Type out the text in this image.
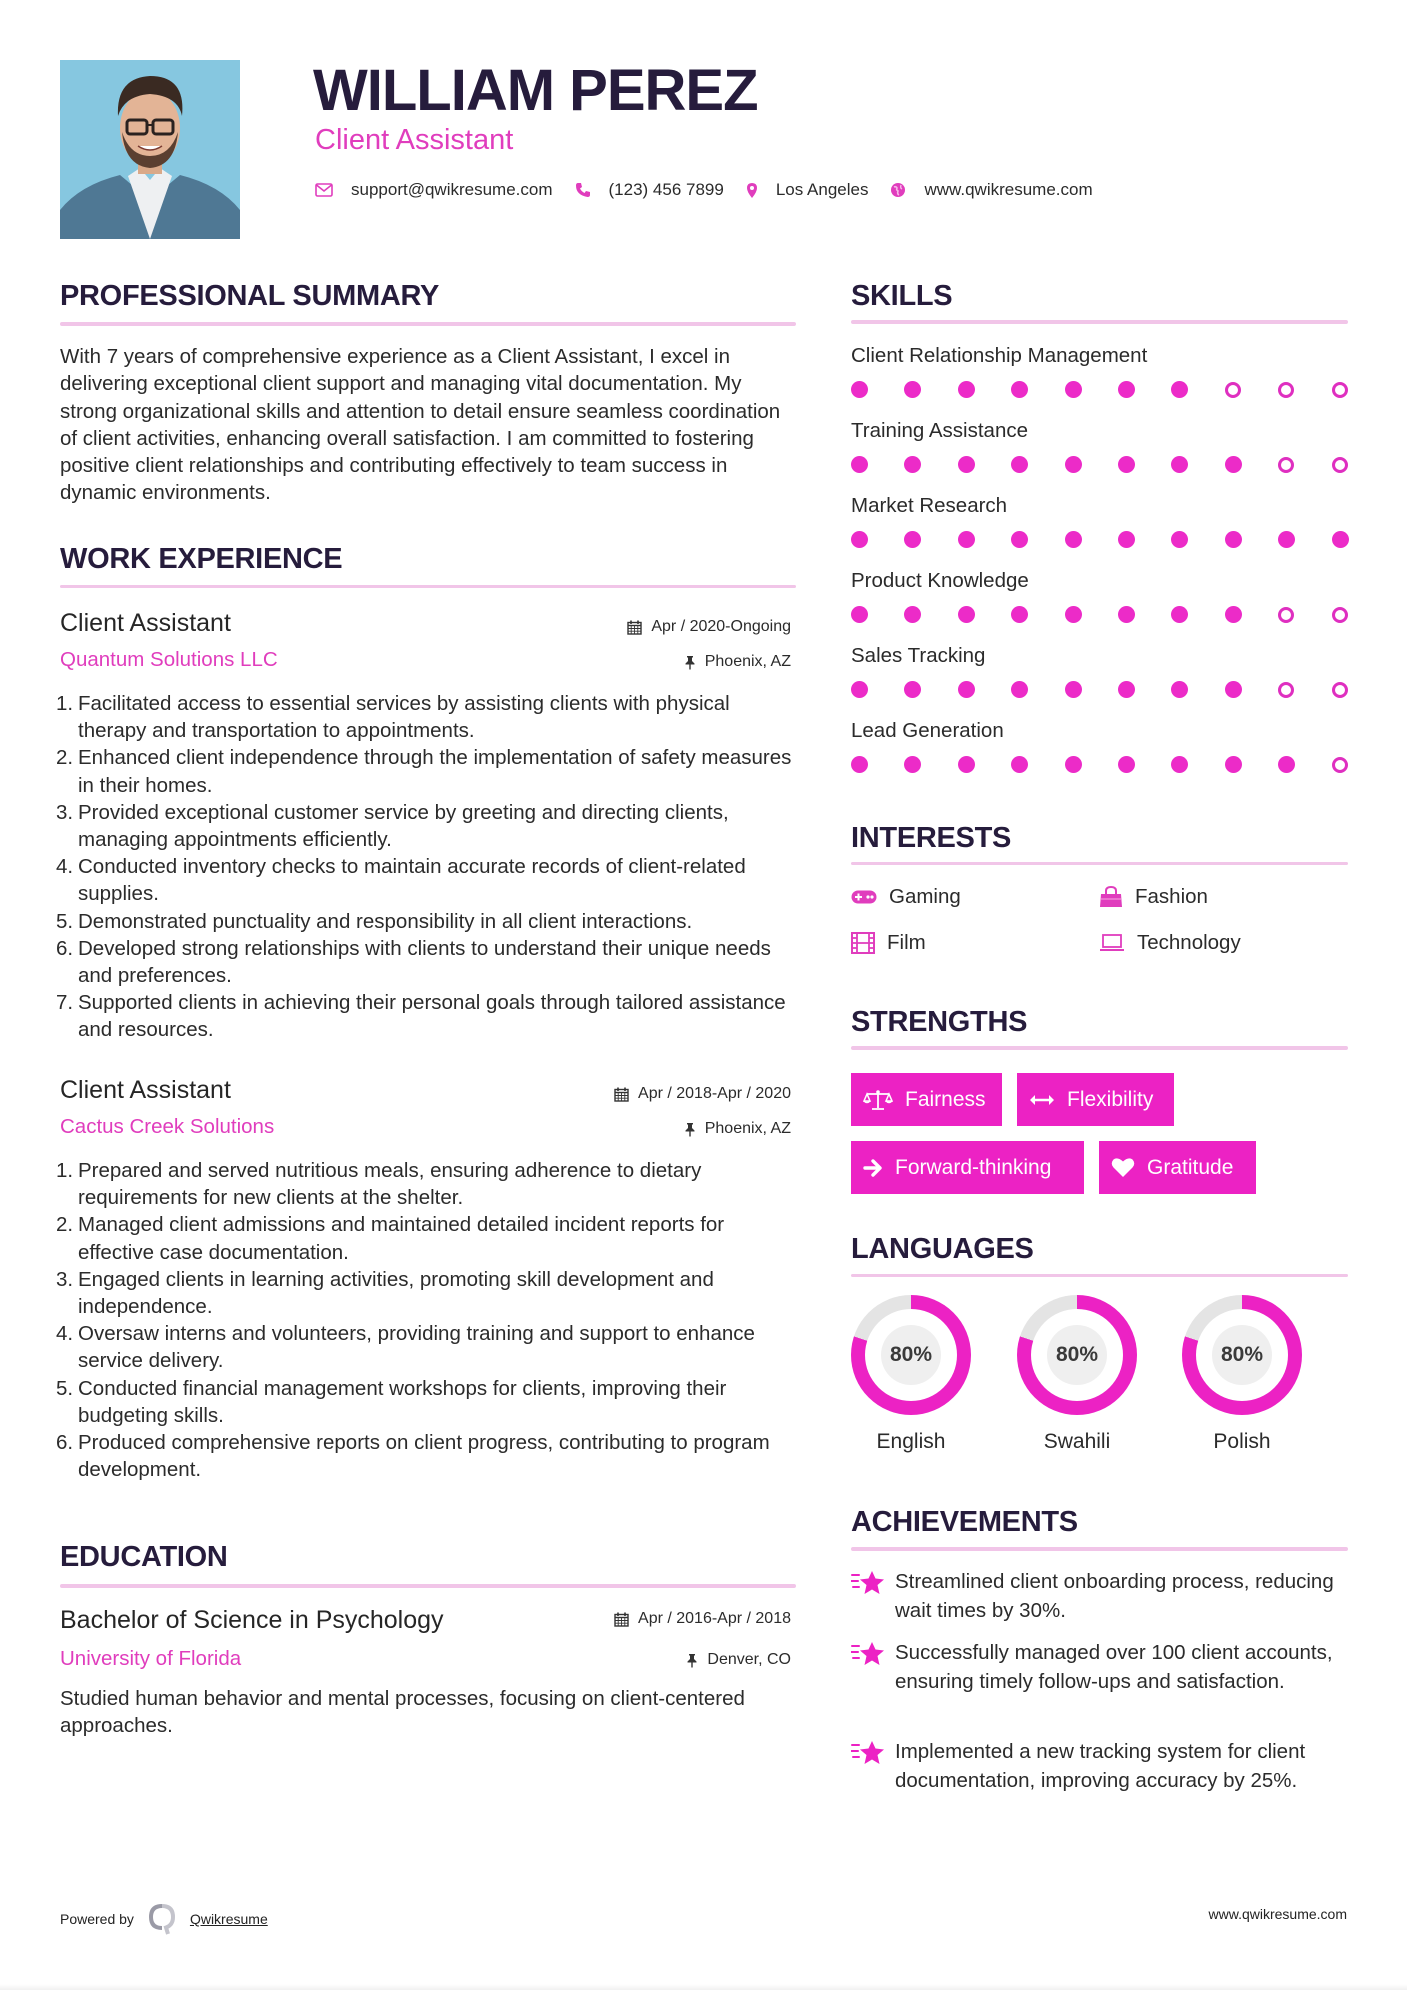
WILLIAM PEREZ
Client Assistant
support@qwikresume.com	(123) 456 7899	Los Angeles	www.qwikresume.com
PROFESSIONAL SUMMARY
With 7 years of comprehensive experience as a Client Assistant, I excel in delivering exceptional client support and managing vital documentation. My strong organizational skills and attention to detail ensure seamless coordination of client activities, enhancing overall satisfaction. I am committed to fostering positive client relationships and contributing effectively to team success in dynamic environments.
WORK EXPERIENCE
Client Assistant	Apr / 2020-Ongoing
Quantum Solutions LLC	Phoenix, AZ
1. Facilitated access to essential services by assisting clients with physical therapy and transportation to appointments.
2. Enhanced client independence through the implementation of safety measures in their homes.
3. Provided exceptional customer service by greeting and directing clients, managing appointments efficiently.
4. Conducted inventory checks to maintain accurate records of client-related supplies.
5. Demonstrated punctuality and responsibility in all client interactions.
6. Developed strong relationships with clients to understand their unique needs and preferences.
7. Supported clients in achieving their personal goals through tailored assistance and resources.
Client Assistant	Apr / 2018-Apr / 2020
Cactus Creek Solutions	Phoenix, AZ
1. Prepared and served nutritious meals, ensuring adherence to dietary requirements for new clients at the shelter.
2. Managed client admissions and maintained detailed incident reports for effective case documentation.
3. Engaged clients in learning activities, promoting skill development and independence.
4. Oversaw interns and volunteers, providing training and support to enhance service delivery.
5. Conducted financial management workshops for clients, improving their budgeting skills.
6. Produced comprehensive reports on client progress, contributing to program development.
EDUCATION
Bachelor of Science in Psychology	Apr / 2016-Apr / 2018
University of Florida	Denver, CO
Studied human behavior and mental processes, focusing on client-centered approaches.
SKILLS
Client Relationship Management
Training Assistance
Market Research
Product Knowledge
Sales Tracking
Lead Generation
INTERESTS
Gaming	Fashion
Film	Technology
STRENGTHS
Fairness	Flexibility
Forward-thinking	Gratitude
LANGUAGES
80%
English
80%
Swahili
80%
Polish
ACHIEVEMENTS
Streamlined client onboarding process, reducing wait times by 30%.
Successfully managed over 100 client accounts, ensuring timely follow-ups and satisfaction.
Implemented a new tracking system for client documentation, improving accuracy by 25%.
Powered by	Qwikresume	www.qwikresume.com
